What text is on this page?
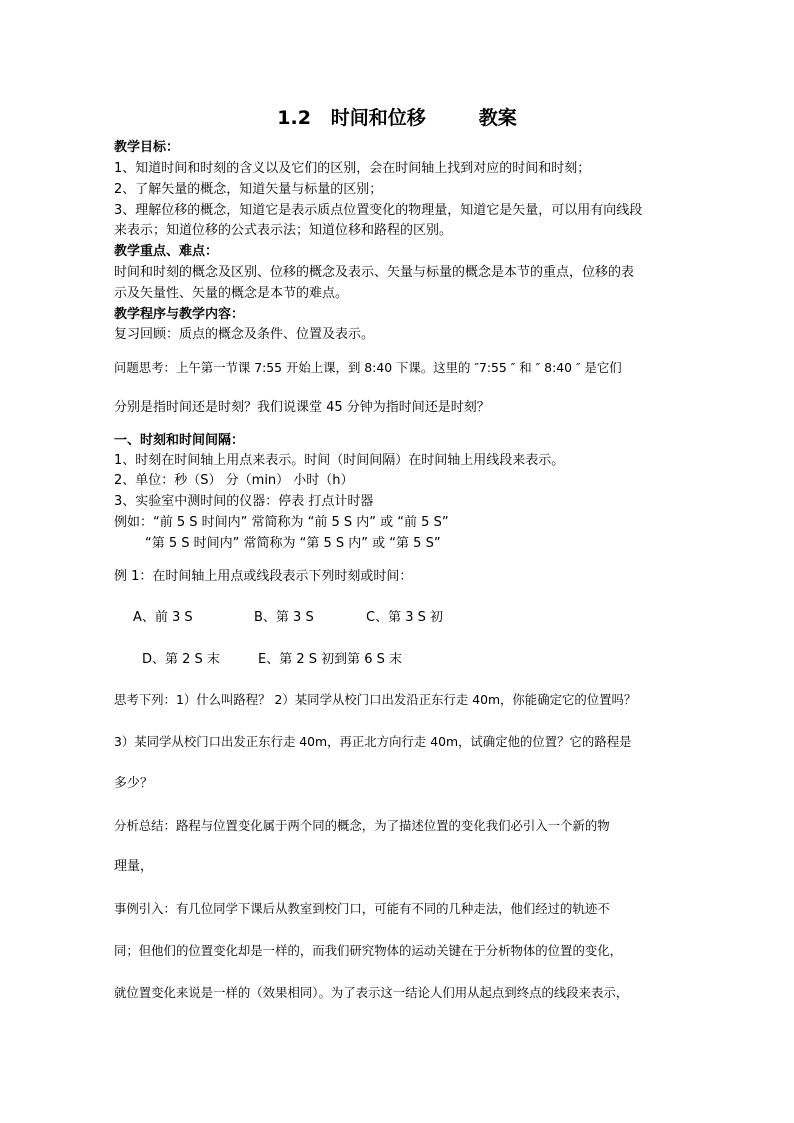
1.2   时间和位移        教案
教学目标：
1、知道时间和时刻的含义以及它们的区别，会在时间轴上找到对应的时间和时刻；
2、了解矢量的概念，知道矢量与标量的区别；
3、理解位移的概念，知道它是表示质点位置变化的物理量，知道它是矢量，可以用有向线段
来表示；知道位移的公式表示法；知道位移和路程的区别。
教学重点、难点：
时间和时刻的概念及区别、位移的概念及表示、矢量与标量的概念是本节的重点，位移的表
示及矢量性、矢量的概念是本节的难点。
教学程序与教学内容：
复习回顾：质点的概念及条件、位置及表示。
问题思考：上午第一节课 7:55 开始上课，到 8:40 下课。这里的 ″7:55 ″ 和 ″ 8:40 ″ 是它们
分别是指时间还是时刻？我们说课堂 45 分钟为指时间还是时刻？
一、时刻和时间间隔：
1、时刻在时间轴上用点来表示。时间（时间间隔）在时间轴上用线段来表示。
2、单位：秒（S） 分（min） 小时（h）
3、实验室中测时间的仪器：停表 打点计时器
例如：“前 5 S 时间内” 常简称为 “前 5 S 内” 或 “前 5 S”
“第 5 S 时间内” 常简称为 “第 5 S 内” 或 “第 5 S”
例 1：在时间轴上用点或线段表示下列时刻或时间：
A、前 3 S	B、第 3 S	C、第 3 S 初
D、第 2 S 末	E、第 2 S 初到第 6 S 末
思考下列：1）什么叫路程？ 2）某同学从校门口出发沿正东行走 40m，你能确定它的位置吗？
3）某同学从校门口出发正东行走 40m，再正北方向行走 40m，试确定他的位置？它的路程是
多少？
分析总结：路程与位置变化属于两个同的概念，为了描述位置的变化我们必引入一个新的物
理量，
事例引入：有几位同学下课后从教室到校门口，可能有不同的几种走法，他们经过的轨迹不
同；但他们的位置变化却是一样的，而我们研究物体的运动关键在于分析物体的位置的变化，
就位置变化来说是一样的（效果相同）。为了表示这一结论人们用从起点到终点的线段来表示，
